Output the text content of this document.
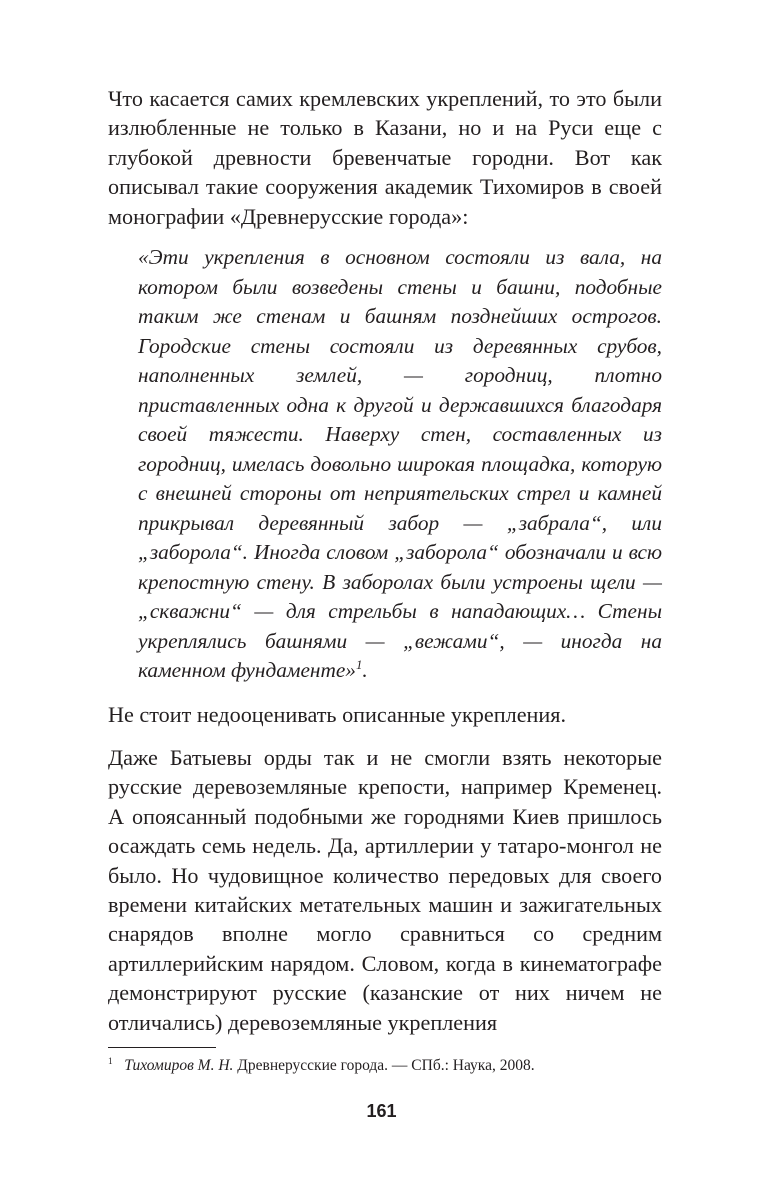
Что касается самих кремлевских укреплений, то это были излюбленные не только в Казани, но и на Руси еще с глубокой древности бревенчатые городни. Вот как описывал такие сооружения академик Тихомиров в своей монографии «Древнерусские города»:

«Эти укрепления в основном состояли из вала, на котором были возведены стены и башни, подобные таким же стенам и башням позднейших острогов. Городские стены состояли из деревянных срубов, наполненных землей, — городниц, плотно приставленных одна к другой и державшихся благодаря своей тяжести. Наверху стен, составленных из городниц, имелась довольно широкая площадка, которую с внешней стороны от неприятельских стрел и камней прикрывал деревянный забор — „забрала“, или „заборола“. Иногда словом „заборола“ обозначали и всю крепостную стену. В заборолах были устроены щели — „скважни“ — для стрельбы в нападающих… Стены укреплялись башнями — „вежами“, — иногда на каменном фундаменте»$^1$.

Не стоит недооценивать описанные укрепления.

Даже Батыевы орды так и не смогли взять некоторые русские деревоземляные крепости, например Кременец. А опоясанный подобными же городнями Киев пришлось осаждать семь недель. Да, артиллерии у татаро-монгол не было. Но чудовищное количество передовых для своего времени китайских метательных машин и зажигательных снарядов вполне могло сравниться со средним артиллерийским нарядом. Словом, когда в кинематографе демонстрируют русские (казанские от них ничем не отличались) деревоземляные укрепления

$^1$ Тихомиров М. Н. Древнерусские города. — СПб.: Наука, 2008.
161
